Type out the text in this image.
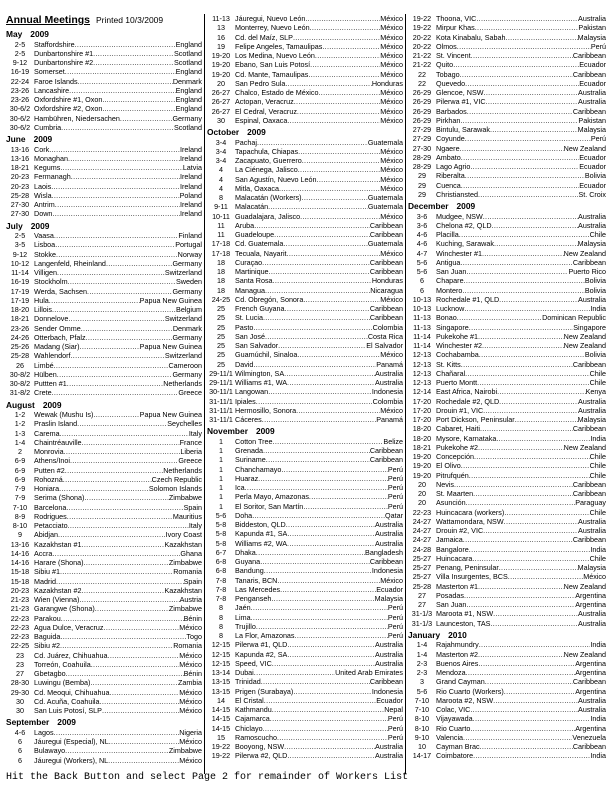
Annual Meetings Printed 10/3/2009
May 2009
2-5	Staffordshire .....	England
2-5	Dunbartonshire #1 .....	Scotland
9-12 Dunbartonshire #2 .....	Scotland
16-19 Somerset .....	England
22-24 Faroe Islands .....	Denmark
23-26 Lancashire .....	England
23-26 Oxfordshire #1, Oxon. .....	England
30-6/2 Oxfordshire #2, Oxon. .....	England
30-6/2 Hambühren, Niedersachen .....	Germany
30-6/2 Cumbria .....	Scotland
June 2009
13-16 Cork .....	Ireland
13-16 Monaghan .....	Ireland
18-21 Kegums .....	Latvia
20-23 Fermanagh .....	Ireland
20-23 Laois .....	Ireland
25-28 Wisla .....	Poland
27-30 Antrim .....	Ireland
27-30 Down .....	Ireland
July 2009
2-5	Vaasa .....	Finland
3-5	Lisboa .....	Portugal
9-12 Stokke .....	Norway
10-12 Langenfeld, Rheinland .....	Germany
11-14 Villigen .....	Switzerland
16-19 Stockholm .....	Sweden
17-19 Werda, Sachsen .....	Germany
17-19 Hula .....	Papua New Guinea
18-20 Lillois .....	Belgium
18-21 Donnelove .....	Switzerland
23-26 Sender Omme .....	Denmark
24-26 Otterbach, Pfalz .....	Germany
25-26 Madang (Siar) .....	Papua New Guinea
25-28 Wahlendorf .....	Switzerland
26	Limbé .....	Cameroon
30-8/2 Hülben .....	Germany
30-8/2 Puttten #1 .....	Netherlands
31-8/2 Crete .....	Greece
August 2009
1-2	Wewak (Mushu Is) .....	Papua New Guinea
1-2	Praslin Island .....	Seychelles
1-3	Carema .....	Italy
1-4	Chaintréauville .....	France
2	Monrovia .....	Liberia
6-9	Athens/Inoi .....	Greece
6-9	Putten #2 .....	Netherlands
6-9	Rohozná .....	Czech Republic
7-9	Honiara .....	Solomon Islands
7-9	Serima (Shona) .....	Zimbabwe
7-10 Barcelona .....	Spain
8-9	Rodrigues .....	Mauritius
8-10 Petacciato .....	Italy
9	Abidjan .....	Ivory Coast
13-16 Kazakhstan #1 .....	Kazakhstan
14-16 Accra .....	Ghana
14-16 Harare (Shona) .....	Zimbabwe
15-18 Sibiu #1 .....	Romania
15-18 Madrid .....	Spain
20-23 Kazakhstan #2 .....	Kazakhstan
21-23 Wien (Vienna) .....	Austria
21-23 Garangwe (Shona) .....	Zimbabwe
22-23 Parakou .....	Bénin
22-23 Agua Dulce, Veracruz .....	México
22-23 Baguida .....	Togo
22-25 Sibiu #2 .....	Romania
23	Cd. Juárez, Chihuahua .....	México
23	Torreón, Coahuila .....	México
27	Gbetagbo .....	Bénin
28-30 Luwingu (Bemba) .....	Zambia
29-30 Cd. Meoqui, Chihuahua .....	México
30	Cd. Acuña, Coahuila .....	México
30	San Luis Potosí, SLP .....	México
September 2009
4-6	Lagos .....	Nigeria
6	Jáuregui (Especial), NL .....	México
6	Bulawayo .....	Zimbabwe
6	Jáuregui (Workers), NL .....	México
11-13 Jáuregui, Nuevo León .....	México
13	Monterrey, Nuevo León .....	México
16	Cd. del Maíz, SLP .....	México
19	Felipe Angeles, Tamaulipas .....	México
19-20 Los Medina, Nuevo León .....	México
19-20 Ebano, San Luis Potosí .....	México
19-20 Cd. Mante, Tamaulipas .....	México
20	San Pedro Sula .....	Honduras
26-27 Chalco, Estado de México .....	México
26-27 Actopan, Veracruz .....	México
26-27 El Cedral, Veracruz .....	México
30	Espinal, Oaxaca .....	México
October 2009
3-4	Pachaj .....	Guatemala
3-4	Tapachula, Chiapas .....	México
3-4	Zacapuato, Guerrero .....	México
4	La Ciénega, Jalisco .....	México
4	San Agustín, Nuevo León .....	México
4	Mitla, Oaxaca .....	México
8	Malacatán (Workers) .....	Guatemala
9-11 Malacatán .....	Guatemala
10-11 Guadalajara, Jalisco .....	México
11	Aruba .....	Caribbean
11	Guadeloupe .....	Caribbean
17-18 Cd. Guatemala .....	Guatemala
17-18 Tecuala, Nayarit .....	México
18	Curaçao .....	Caribbean
18	Martinique .....	Caribbean
18	Santa Rosa .....	Honduras
18	Managua .....	Nicaragua
24-25 Cd. Obregón, Sonora .....	México
25	French Guyana .....	Caribbean
25	St. Lucia .....	Caribbean
25	Pasto .....	Colombia
25	San José .....	Costa Rica
25	San Salvador .....	El Salvador
25	Guamúchil, Sinaloa .....	México
25	David .....	Panamá
29-11/1 Wilmington, SA .....	Australia
29-11/1 Williams #1, WA .....	Australia
30-11/1 Langowan .....	Indonesia
31-11/1 Ipiales .....	Colombia
31-11/1 Hermosillo, Sonora .....	México
31-11/1 Cáceres .....	Panamá
November 2009
1	Cotton Tree .....	Belize
1	Grenada .....	Caribbean
1	Suriname .....	Caribbean
1	Chanchamayo .....	Perú
1	Huaraz .....	Perú
1	Ica .....	Perú
1	Perla Mayo, Amazonas .....	Perú
1	El Soritor, San Martín .....	Perú
5-6	Doha .....	Qatar
5-8	Biddeston, QLD .....	Australia
5-8	Kapunda #1, SA .....	Australia
5-8	Williams #2, WA .....	Australia
6-7	Dhaka .....	Bangladesh
6-8	Guyana .....	Caribbean
6-8	Bandung .....	Indonesia
7-8	Tanaris, BCN .....	México
7-8	Las Mercedes .....	Ecuador
7-8	Penganseh .....	Malaysia
8	Jaén .....	Perú
8	Lima .....	Perú
8	Trujillo .....	Perú
8	La Flor, Amazonas .....	Perú
12-15 Pilerwa #1, QLD .....	Australia
12-15 Kapunda #2, SA .....	Australia
12-15 Speed, VIC .....	Australia
13-14 Dubai .....	United Arab Emirates
13-15 Trinidad .....	Caribbean
13-15 Prigen (Surabaya) .....	Indonesia
14	El Cristal .....	Ecuador
14-15 Kathmandu .....	Nepal
14-15 Cajamarca .....	Perú
14-15 Chiclayo .....	Perú
15	Ramoscucho .....	Perú
19-22 Booyong, NSW .....	Australia
19-22 Pilerwa #2, QLD .....	Australia
19-22 Thoona, VIC .....	Australia
19-22 Mirpur Khas .....	Pakistan
20-22 Kota Kinabalu, Sabah .....	Malaysia
20-22 Olmos .....	Perú
21-22 St. Vincent .....	Caribbean
21-22 Quito .....	Ecuador
22	Tobago .....	Caribbean
22	Quevedo .....	Ecuador
26-29 Glencoe, NSW .....	Australia
26-29 Pilerwa #1, VIC .....	Australia
26-29 Barbados .....	Caribbean
26-29 Pirkhan .....	Pakistan
27-29 Bintulu, Sarawak .....	Malaysia
27-29 Coyunde .....	Perú
27-30 Ngaere .....	New Zealand
28-29 Ambato .....	Ecuador
28-29 Lago Agrio .....	Ecuador
29	Riberalta .....	Bolivia
29	Cuenca .....	Ecuador
29	Christiansted .....	St. Croix
December 2009
3-6	Mudgee, NSW .....	Australia
3-6	Chelona #2, QLD .....	Australia
4-6	Placilla .....	Chile
4-6	Kuching, Sarawak .....	Malaysia
4-7	Winchester #1 .....	New Zealand
5-6	Antigua .....	Caribbean
5-6	San Juan .....	Puerto Rico
6	Chapare .....	Bolivia
6	Montero .....	Bolivia
10-13 Rochedale #1, QLD .....	Australia
10-13 Lucknow .....	India
11-13 Bonao .....	Dominican Republic
11-13 Singapore .....	Singapore
11-14 Pukekohe #1 .....	New Zealand
11-14 Winchester #2 .....	New Zealand
12-13 Cochabamba .....	Bolivia
12-13 St. Kitts .....	Caribbean
12-13 Chañaral .....	Chile
12-13 Puerto Montt .....	Chile
12-14 East Africa, Nairobi .....	Kenya
17-20 Rochedale #2, QLD .....	Australia
17-20 Drouin #1, VIC .....	Australia
17-20 Port Dickson, Peninsular .....	Malaysia
18-20 Cabaret, Haiti .....	Caribbean
18-20 Mysore, Karnataka .....	India
18-21 Pukekohe #2 .....	New Zealand
19-20 Concepción .....	Chile
19-20 El Olivo .....	Chile
19-20 Pitrufquén .....	Chile
20	Nevis .....	Caribbean
20	St. Maarten .....	Caribbean
20	Asunción .....	Paraguay
22-23 Huincacara (workers) .....	Chile
24-27 Wattamondara, NSW .....	Australia
24-27 Drouin #2, VIC .....	Australia
24-27 Jamaica .....	Caribbean
24-28 Bangalore .....	India
25-27 Huincacara .....	Chile
25-27 Penang, Peninsular .....	Malaysia
25-27 Villa Insurgentes, BCS .....	México
25-28 Masterton #1 .....	New Zealand
27	Posadas .....	Argentina
27	San Juan .....	Argentina
31-1/3 Maroota #1, NSW .....	Australia
31-1/3 Launceston, TAS .....	Australia
January 2010
1-4	Rajahmundry .....	India
1-4	Masterton #2 .....	New Zealand
2-3	Buenos Aires .....	Argentina
2-3	Mendoza .....	Argentina
3	Grand Cayman .....	Caribbean
5-6	Rio Cuarto (Workers) .....	Argentina
7-10 Maroota #2, NSW .....	Australia
7-10 Colac, VIC .....	Australia
8-10 Vijayawada .....	India
8-10 Rio Cuarto .....	Argentina
9-10 Valencia .....	Venezuela
10	Cayman Brac .....	Caribbean
14-17 Coimbatore .....	India
Hit the Back Button and select Page 2 for remainder of Workers List
